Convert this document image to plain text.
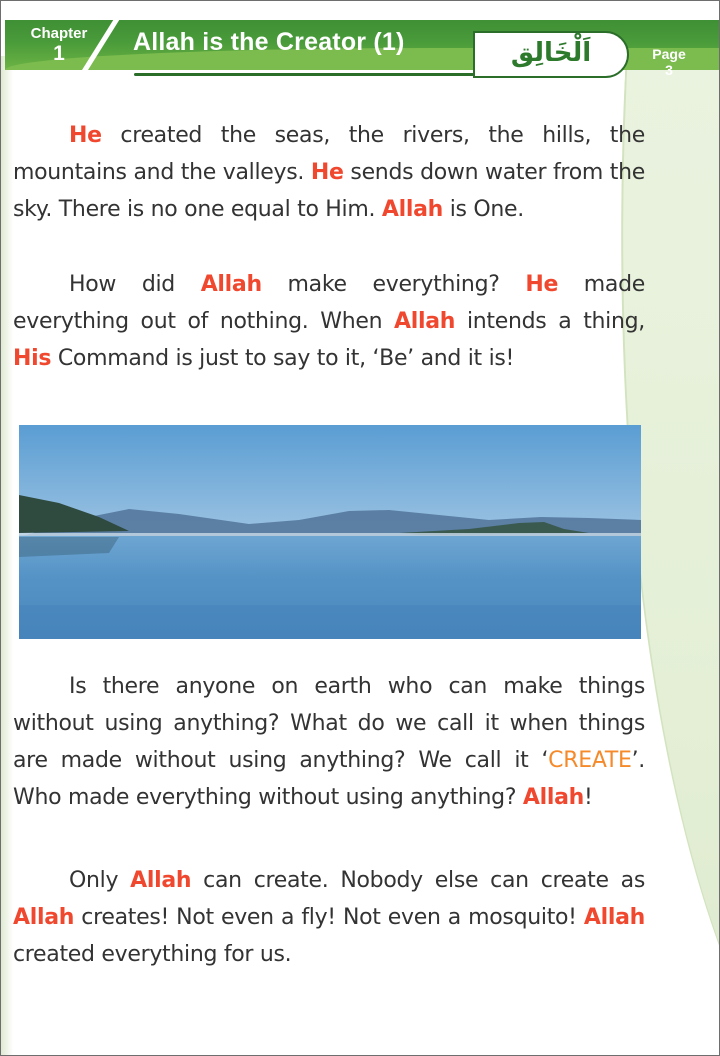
Chapter
1	Allah is the Creator (1)	اَلْخَالِق	Page
3

He created the seas, the rivers, the hills, the mountains and the valleys. He sends down water from the sky. There is no one equal to Him. Allah is One.

How did Allah make everything? He made everything out of nothing. When Allah intends a thing, His Command is just to say to it, ‘Be’ and it is!

Is there anyone on earth who can make things without using anything? What do we call it when things are made without using anything? We call it ‘CREATE’. Who made everything without using anything? Allah!

Only Allah can create. Nobody else can create as Allah creates! Not even a fly! Not even a mosquito! Allah created everything for us.
